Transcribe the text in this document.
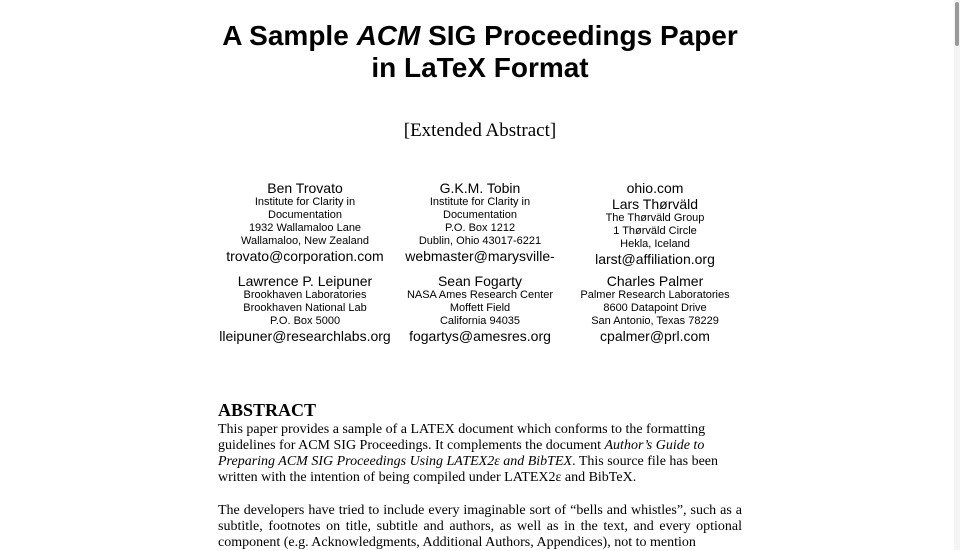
A Sample ACM SIG Proceedings Paper
in LaTeX Format
[Extended Abstract]
Ben Trovato
Institute for Clarity in
Documentation
1932 Wallamaloo Lane
Wallamaloo, New Zealand
trovato@corporation.com
G.K.M. Tobin
Institute for Clarity in
Documentation
P.O. Box 1212
Dublin, Ohio 43017-6221
webmaster@marysville-
ohio.com
Lars Thørväld
The Thørväld Group
1 Thørväld Circle
Hekla, Iceland
larst@affiliation.org
Lawrence P. Leipuner
Brookhaven Laboratories
Brookhaven National Lab
P.O. Box 5000
lleipuner@researchlabs.org
Sean Fogarty
NASA Ames Research Center
Moffett Field
California 94035
fogartys@amesres.org
Charles Palmer
Palmer Research Laboratories
8600 Datapoint Drive
San Antonio, Texas 78229
cpalmer@prl.com
ABSTRACT
This paper provides a sample of a LATEX document which conforms to the formatting
guidelines for ACM SIG Proceedings. It complements the document Author’s Guide to
Preparing ACM SIG Proceedings Using LATEX2ε and BibTEX. This source file has been
written with the intention of being compiled under LATEX2ε and BibTeX.
The developers have tried to include every imaginable sort of “bells and whistles”, such as a subtitle, footnotes on title, subtitle and authors, as well as in the text, and every optional component (e.g. Acknowledgments, Additional Authors, Appendices), not to mention
